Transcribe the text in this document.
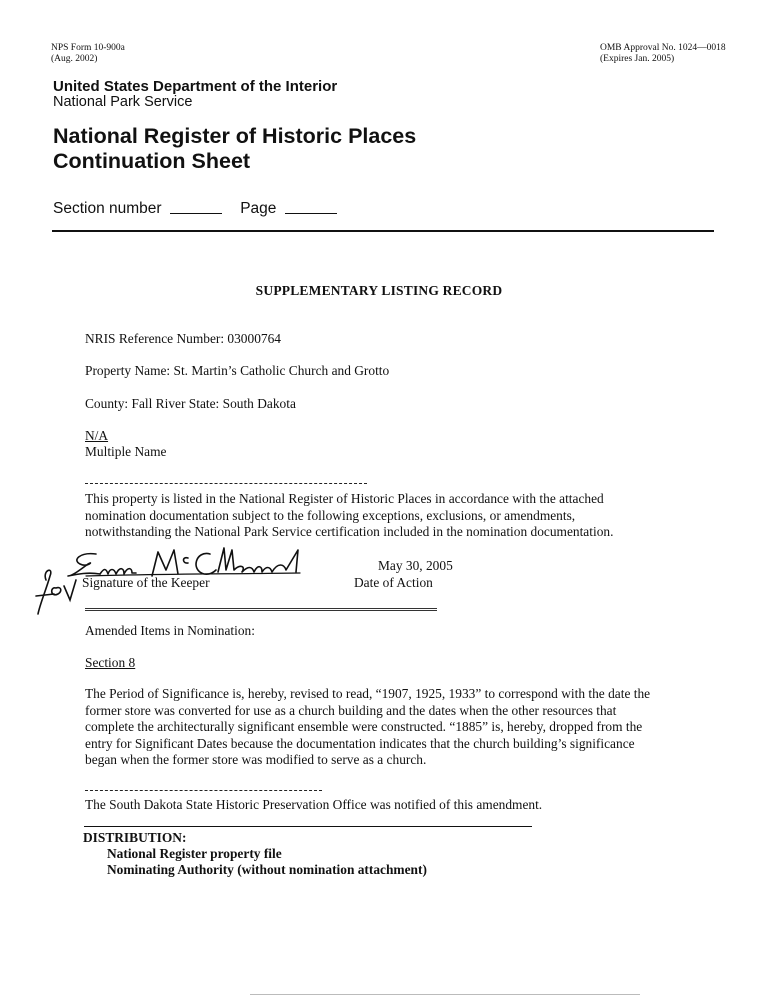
NPS Form 10-900a
(Aug. 2002)
OMB Approval No. 1024—0018
(Expires Jan. 2005)
United States Department of the Interior
National Park Service
National Register of Historic Places
Continuation Sheet
Section number	Page
SUPPLEMENTARY LISTING RECORD
NRIS Reference Number: 03000764
Property Name: St. Martin’s Catholic Church and Grotto
County: Fall River State: South Dakota
N/A
Multiple Name
This property is listed in the National Register of Historic Places in accordance with the attached
nomination documentation subject to the following exceptions, exclusions, or amendments,
notwithstanding the National Park Service certification included in the nomination documentation.
Signature of the Keeper
May 30, 2005
Date of Action
Amended Items in Nomination:
Section 8
The Period of Significance is, hereby, revised to read, “1907, 1925, 1933” to correspond with the date the
former store was converted for use as a church building and the dates when the other resources that
complete the architecturally significant ensemble were constructed. “1885” is, hereby, dropped from the
entry for Significant Dates because the documentation indicates that the church building’s significance
began when the former store was modified to serve as a church.
The South Dakota State Historic Preservation Office was notified of this amendment.
DISTRIBUTION:
National Register property file
Nominating Authority (without nomination attachment)
